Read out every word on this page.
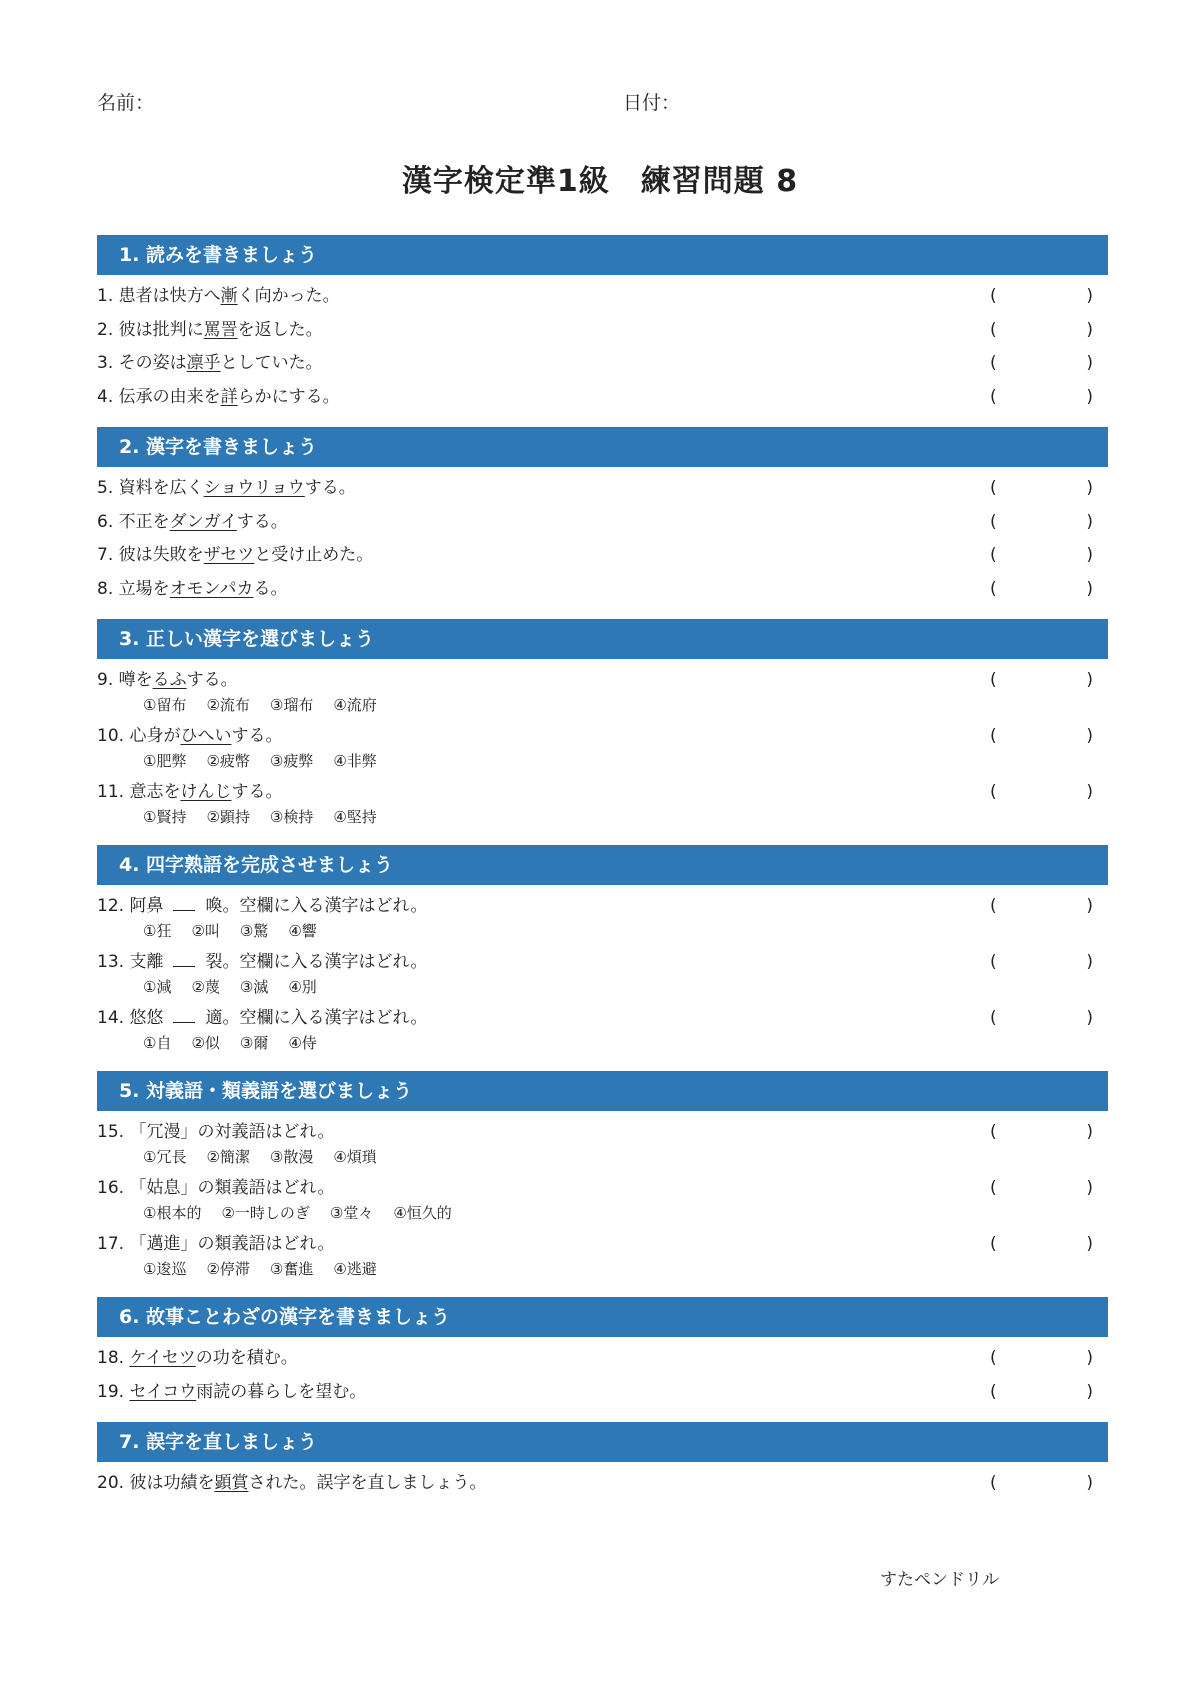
名前：	日付：
漢字検定準1級　練習問題 8
1. 読みを書きましょう
1. 患者は快方へ漸く向かった。	(	)
2. 彼は批判に罵詈を返した。	(	)
3. その姿は凛乎としていた。	(	)
4. 伝承の由来を詳らかにする。	(	)
2. 漢字を書きましょう
5. 資料を広くショウリョウする。	(	)
6. 不正をダンガイする。	(	)
7. 彼は失敗をザセツと受け止めた。	(	)
8. 立場をオモンパカる。	(	)
3. 正しい漢字を選びましょう
9. 噂をるふする。	(	)
①留布 ②流布 ③瑠布 ④流府
10. 心身がひへいする。	(	)
①肥弊 ②疲幣 ③疲弊 ④非弊
11. 意志をけんじする。	(	)
①賢持 ②顕持 ③検持 ④堅持
4. 四字熟語を完成させましょう
12. 阿鼻 喚。空欄に入る漢字はどれ。	(	)
①狂 ②叫 ③驚 ④響
13. 支離 裂。空欄に入る漢字はどれ。	(	)
①減 ②蔑 ③滅 ④別
14. 悠悠 適。空欄に入る漢字はどれ。	(	)
①自 ②似 ③爾 ④侍
5. 対義語・類義語を選びましょう
15. 「冗漫」の対義語はどれ。	(	)
①冗長 ②簡潔 ③散漫 ④煩瑣
16. 「姑息」の類義語はどれ。	(	)
①根本的 ②一時しのぎ ③堂々 ④恒久的
17. 「邁進」の類義語はどれ。	(	)
①逡巡 ②停滞 ③奮進 ④逃避
6. 故事ことわざの漢字を書きましょう
18. ケイセツの功を積む。	(	)
19. セイコウ雨読の暮らしを望む。	(	)
7. 誤字を直しましょう
20. 彼は功績を顕賞された。誤字を直しましょう。	(	)
すたペンドリル
